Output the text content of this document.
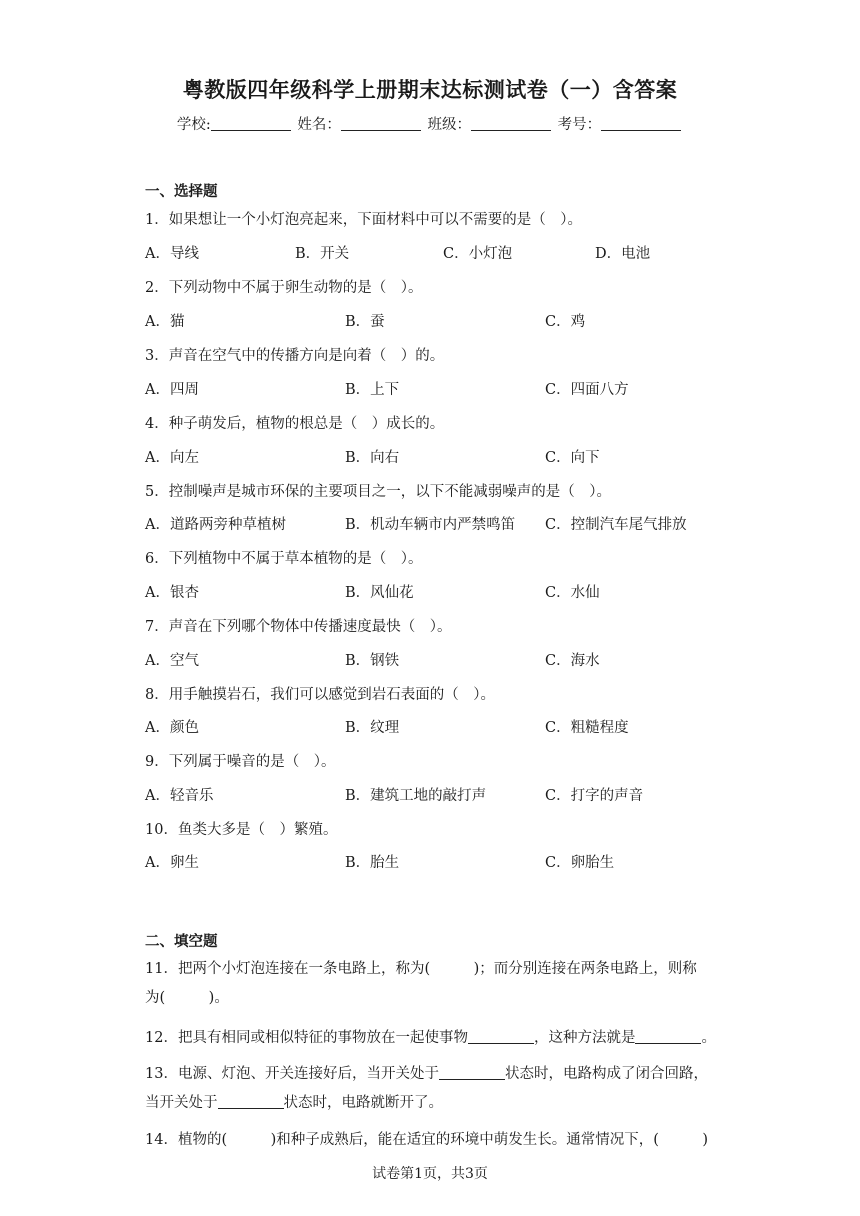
粤教版四年级科学上册期末达标测试卷（一）含答案
学校:	姓名：	班级：	考号：
一、选择题
1．如果想让一个小灯泡亮起来，下面材料中可以不需要的是（　）。
A．导线	B．开关	C．小灯泡	D．电池
2．下列动物中不属于卵生动物的是（　）。
A．猫	B．蚕	C．鸡
3．声音在空气中的传播方向是向着（　）的。
A．四周	B．上下	C．四面八方
4．种子萌发后，植物的根总是（　）成长的。
A．向左	B．向右	C．向下
5．控制噪声是城市环保的主要项目之一，以下不能减弱噪声的是（　）。
A．道路两旁种草植树	B．机动车辆市内严禁鸣笛 C．控制汽车尾气排放
6．下列植物中不属于草本植物的是（　）。
A．银杏	B．风仙花	C．水仙
7．声音在下列哪个物体中传播速度最快（　）。
A．空气	B．钢铁	C．海水
8．用手触摸岩石，我们可以感觉到岩石表面的（　）。
A．颜色	B．纹理	C．粗糙程度
9．下列属于噪音的是（　）。
A．轻音乐	B．建筑工地的敲打声	C．打字的声音
10．鱼类大多是（　）繁殖。
A．卵生	B．胎生	C．卵胎生
二、填空题
11．把两个小灯泡连接在一条电路上，称为(　　　)；而分别连接在两条电路上，则称
为(　　　)。
12．把具有相同或相似特征的事物放在一起使事物	，这种方法就是	。
13．电源、灯泡、开关连接好后，当开关处于	状态时，电路构成了闭合回路，
当开关处于	状态时，电路就断开了。
14．植物的(　　　)和种子成熟后，能在适宜的环境中萌发生长。通常情况下，(　　　)
试卷第1页，共3页
